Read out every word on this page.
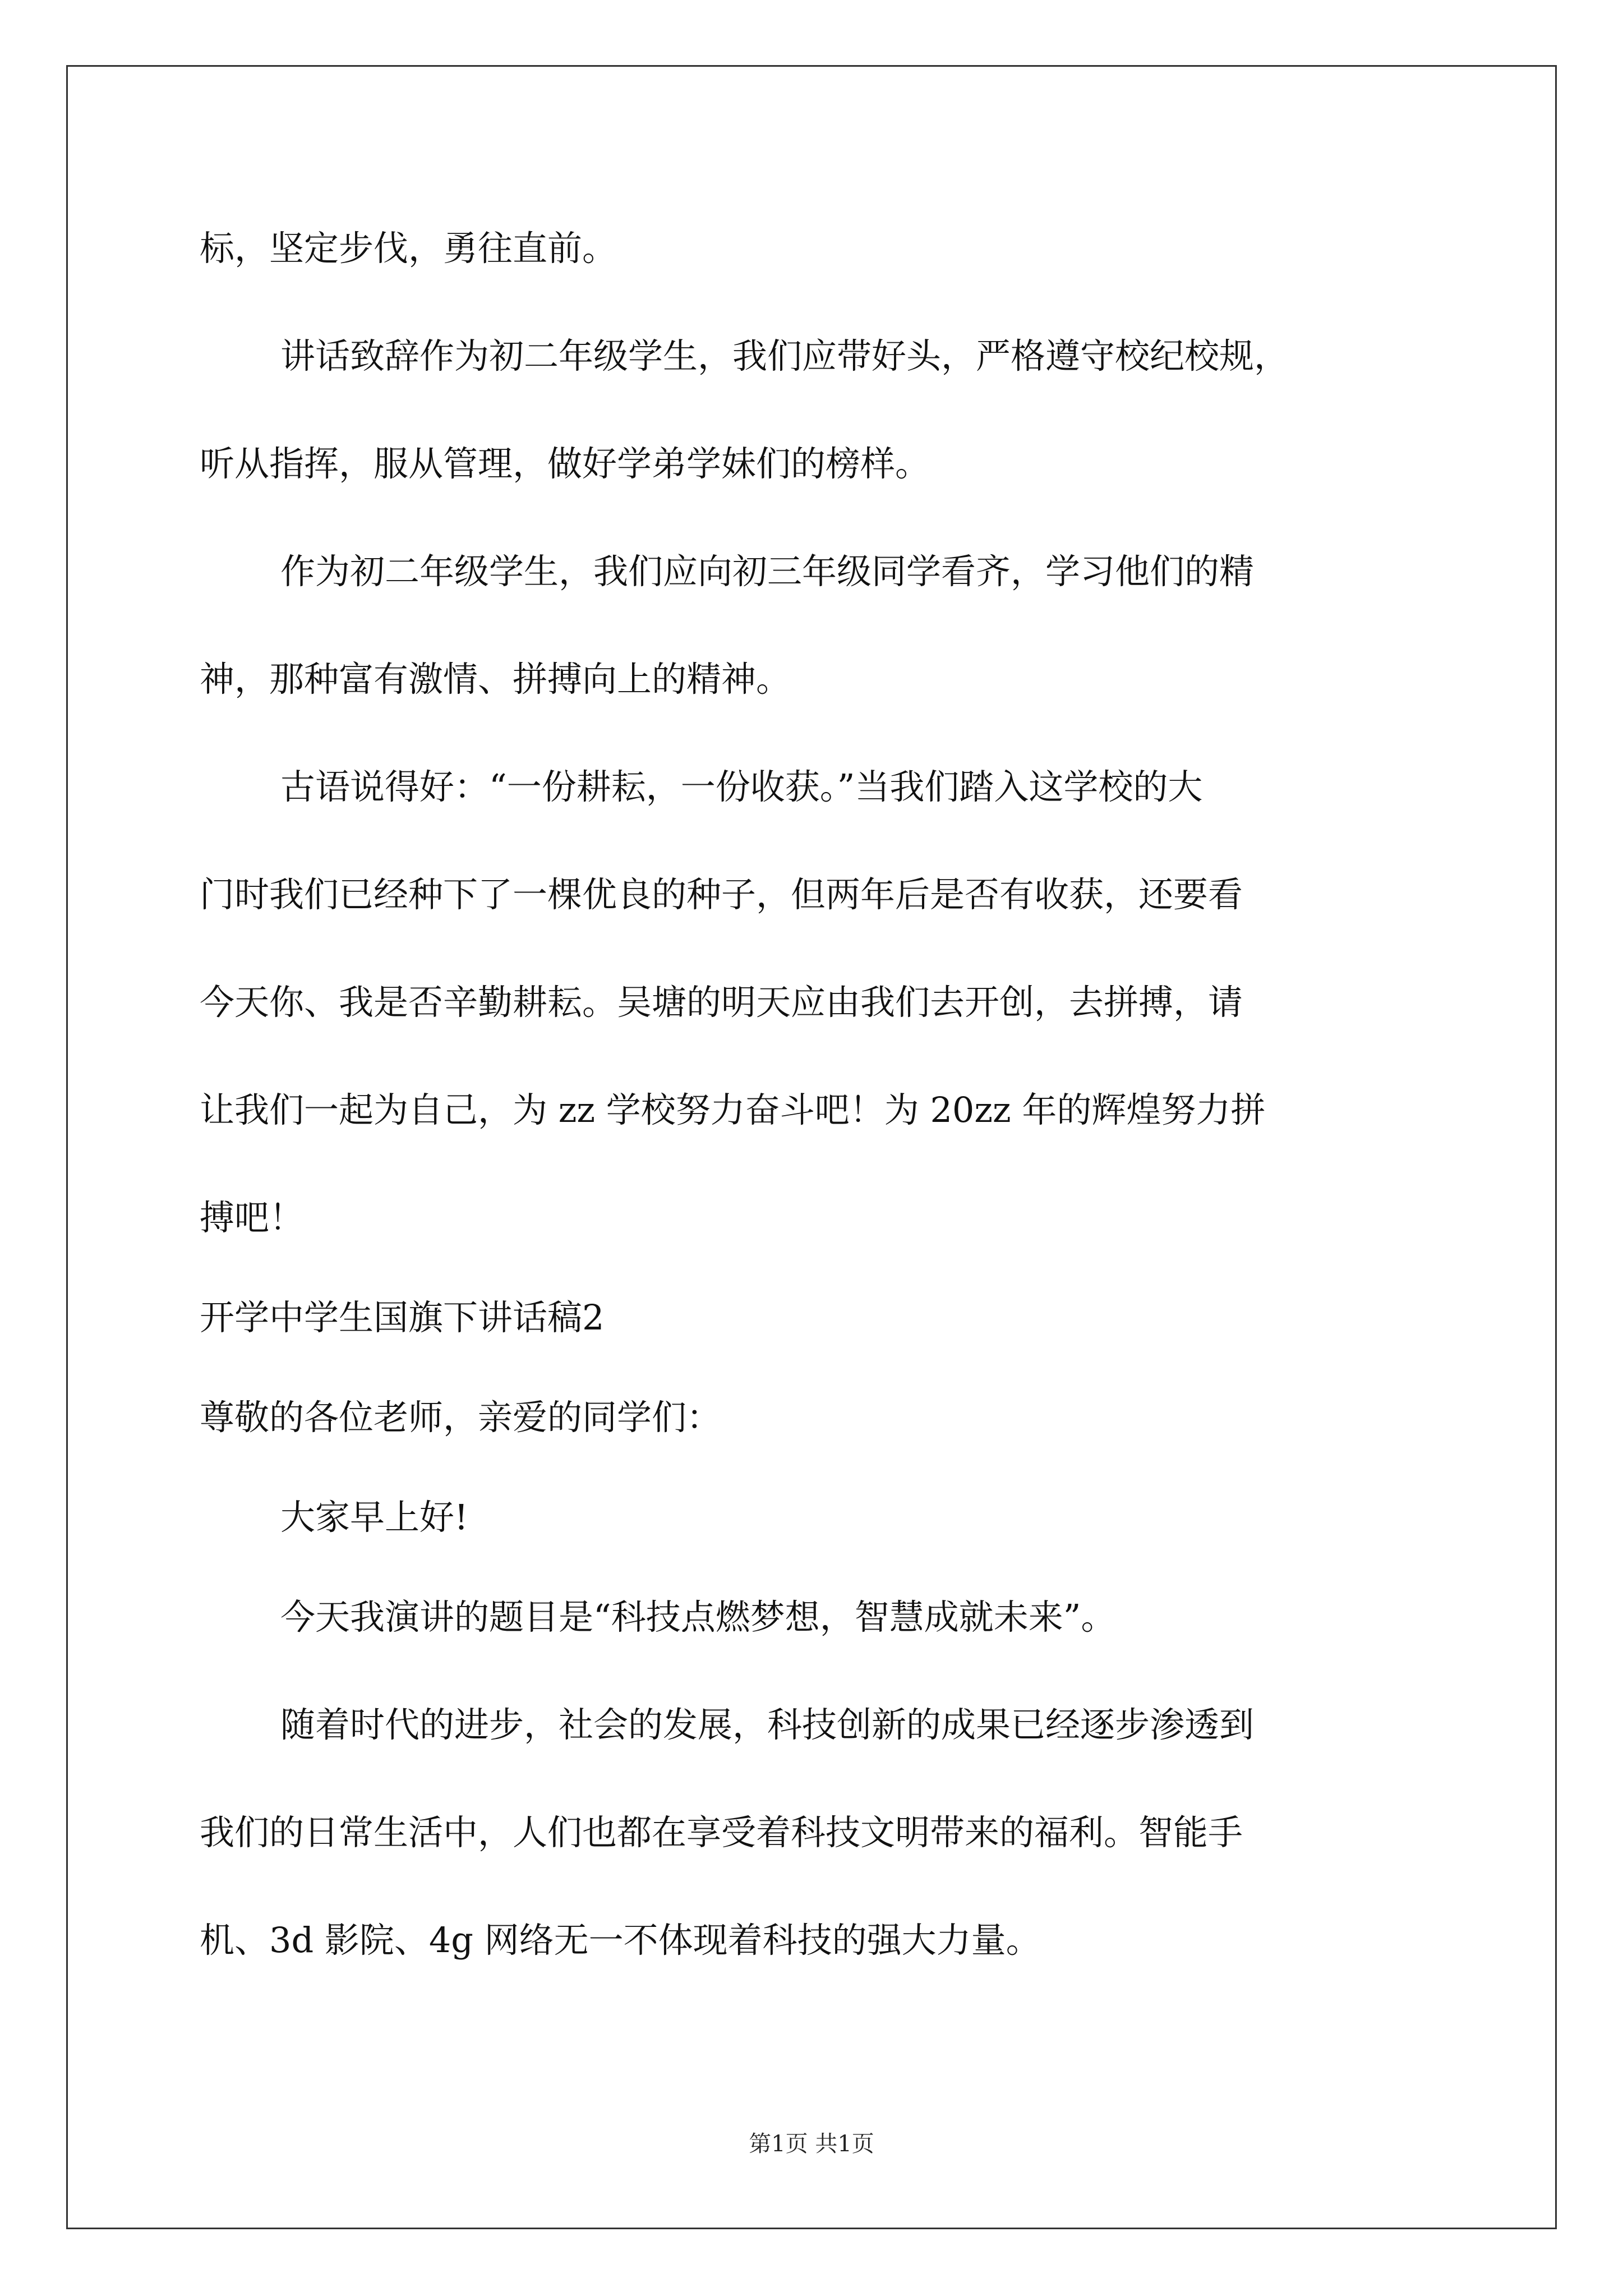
标，坚定步伐，勇往直前。
讲话致辞作为初二年级学生，我们应带好头，严格遵守校纪校规，
听从指挥，服从管理，做好学弟学妹们的榜样。
作为初二年级学生，我们应向初三年级同学看齐，学习他们的精
神，那种富有激情、拼搏向上的精神。
古语说得好：“一份耕耘，一份收获。”当我们踏入这学校的大
门时我们已经种下了一棵优良的种子，但两年后是否有收获，还要看
今天你、我是否辛勤耕耘。吴塘的明天应由我们去开创，去拼搏，请
让我们一起为自己，为 zz 学校努力奋斗吧！为 20zz 年的辉煌努力拼
搏吧！
开学中学生国旗下讲话稿2
尊敬的各位老师，亲爱的同学们：
大家早上好!
今天我演讲的题目是“科技点燃梦想，智慧成就未来”。
随着时代的进步，社会的发展，科技创新的成果已经逐步渗透到
我们的日常生活中，人们也都在享受着科技文明带来的福利。智能手
机、3d 影院、4g 网络无一不体现着科技的强大力量。
第1页 共1页
